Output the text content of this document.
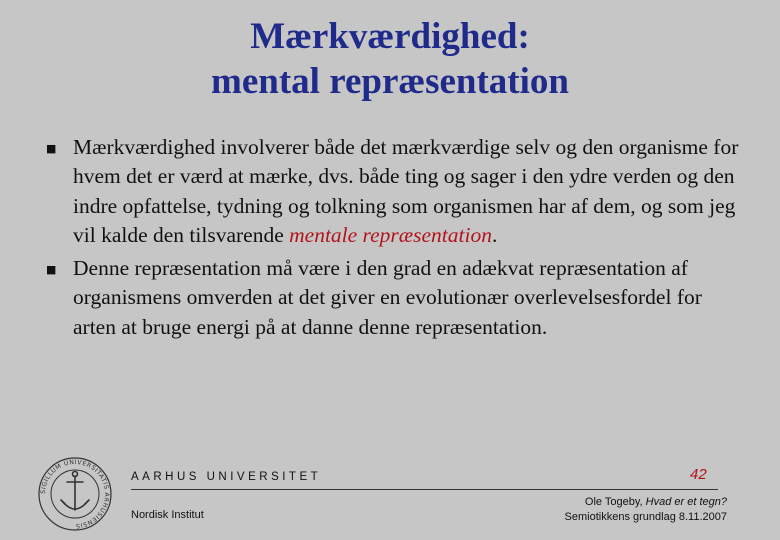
Mærkværdighed:
mental repræsentation
■ Mærkværdighed involverer både det mærkværdige selv og den organisme for hvem det er værd at mærke, dvs. både ting og sager i den ydre verden og den indre opfattelse, tydning og tolkning som organismen har af dem, og som jeg vil kalde den tilsvarende mentale repræsentation.
■ Denne repræsentation må være i den grad en adækvat repræsentation af organismens omverden at det giver en evolutionær overlevelsesfordel for arten at bruge energi på at danne denne repræsentation.
SIGILLUM UNIVERSITATIS ARHUSIENSIS
AARHUS UNIVERSITET	42
Nordisk Institut
Ole Togeby, Hvad er et tegn?
Semiotikkens grundlag 8.11.2007
